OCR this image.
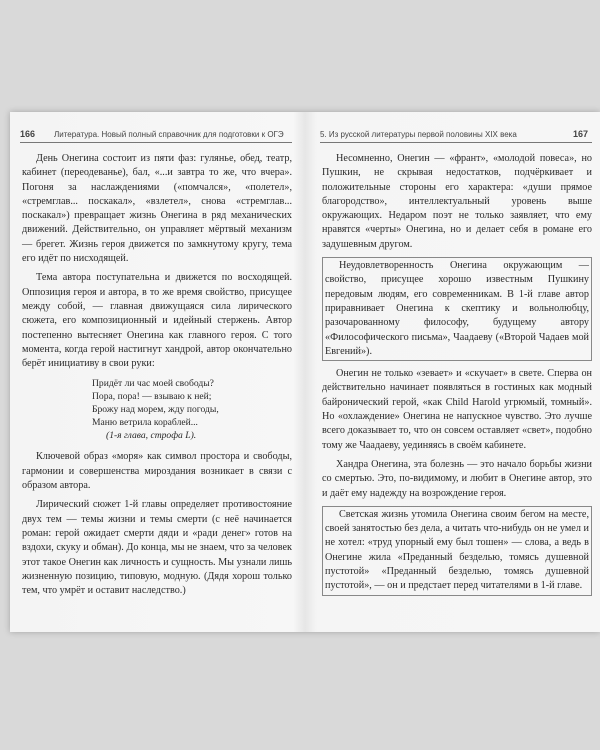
166 Литература. Новый полный справочник для подготовки к ОГЭ

День Онегина состоит из пяти фаз: гулянье, обед, театр, кабинет (переодеванье), бал, «...и завтра то же, что вчера». Погоня за наслаждениями («помчался», «полетел», «стремглав... поскакал», «взлетел», снова «стремглав... поскакал») превращает жизнь Онегина в ряд механических движений. Действительно, он управляет мёртвый механизм — брегет. Жизнь героя движется по замкнутому кругу, тема его идёт по нисходящей.

Тема автора поступательна и движется по восходящей. Оппозиция героя и автора, в то же время свойство, присущее между собой, — главная движущаяся сила лирического сюжета, его композиционный и идейный стержень. Автор постепенно вытесняет Онегина как главного героя. С того момента, когда герой настигнут хандрой, автор окончательно берёт инициативу в свои руки:

Придёт ли час моей свободы?
Пора, пора! — взываю к ней;
Брожу над морем, жду погоды,
Маню ветрила кораблей...
(1-я глава, строфа L).

Ключевой образ «моря» как символ простора и свободы, гармонии и совершенства мироздания возникает в связи с образом автора.

Лирический сюжет 1-й главы определяет противостояние двух тем — темы жизни и темы смерти (с неё начинается роман: герой ожидает смерти дяди и «ради денег» готов на вздохи, скуку и обман). До конца, мы не знаем, что за человек этот такое Онегин как личность и сущность. Мы узнали лишь жизненную позицию, типовую, модную. (Дядя хорош только тем, что умрёт и оставит наследство.)

5. Из русской литературы первой половины XIX века	167

Несомненно, Онегин — «франт», «молодой повеса», но Пушкин, не скрывая недостатков, подчёркивает и положительные стороны его характера: «души прямое благородство», интеллектуальный уровень выше окружающих. Недаром поэт не только заявляет, что ему нравятся «черты» Онегина, но и делает себя в романе его задушевным другом.

Неудовлетворенность Онегина окружающим — свойство, присущее хорошо известным Пушкину передовым людям, его современникам. В 1-й главе автор приравнивает Онегина к скептику и вольнолюбцу, разочарованному философу, будущему автору «Философического письма», Чаадаеву («Второй Чадаев мой Евгений»).

Онегин не только «зевает» и «скучает» в свете. Сперва он действительно начинает появляться в гостиных как модный байронический герой, «как Child Harold угрюмый, томный». Но «охлаждение» Онегина не напускное чувство. Это лучше всего доказывает то, что он совсем оставляет «свет», подобно тому же Чаадаеву, уединяясь в своём кабинете.

Хандра Онегина, эта болезнь — это начало борьбы жизни со смертью. Это, по-видимому, и любит в Онегине автор, это и даёт ему надежду на возрождение героя.

Светская жизнь утомила Онегина своим бегом на месте, своей занятостью без дела, а читать что-нибудь он не умел и не хотел: «труд упорный ему был тошен» — слова, а ведь в Онегине жила «Преданный безделью, томясь душевной пустотой» «Преданный безделью, томясь душевной пустотой», — он и предстает перед читателями в 1-й главе.
